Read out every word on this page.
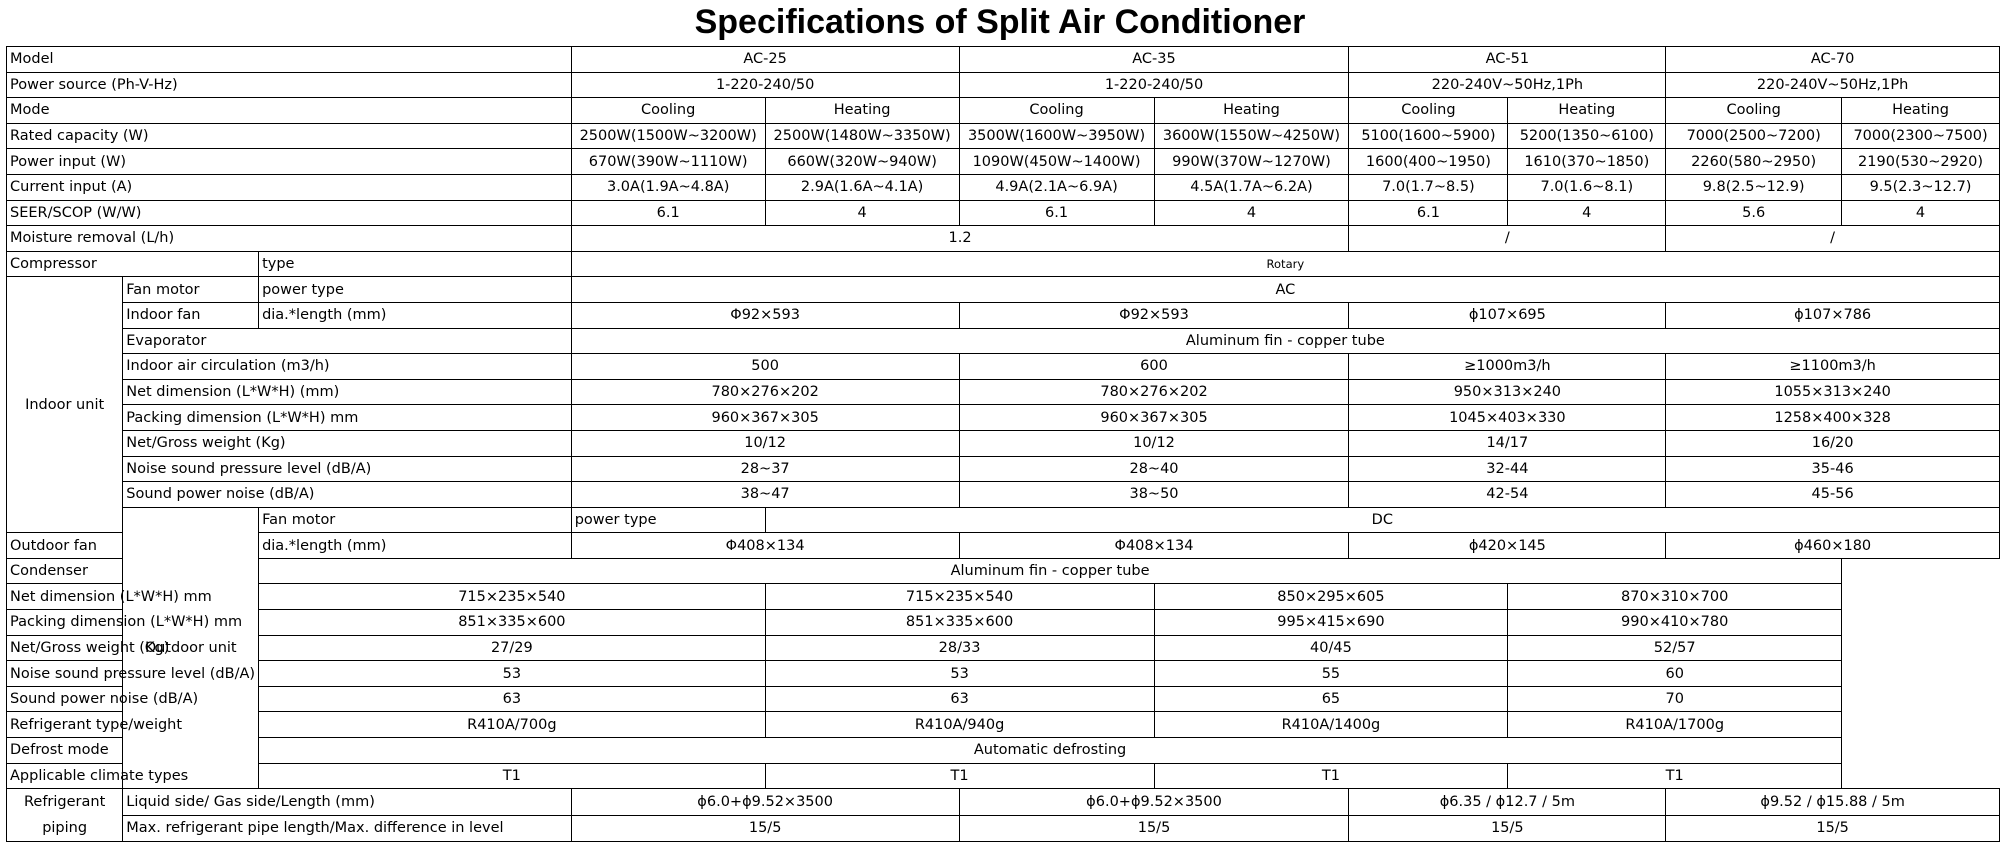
Specifications of Split Air Conditioner
Model			AC-25		AC-35		AC-51		AC-70	
Power source (Ph-V-Hz)			1-220-240/50		1-220-240/50		220-240V~50Hz,1Ph		220-240V~50Hz,1Ph	
Mode			Cooling	Heating	Cooling	Heating	Cooling	Heating	Cooling	Heating
Rated capacity (W)			2500W(1500W~3200W)	2500W(1480W~3350W)	3500W(1600W~3950W)	3600W(1550W~4250W)	5100(1600~5900)	5200(1350~6100)	7000(2500~7200)	7000(2300~7500)
Power input (W)			670W(390W~1110W)	660W(320W~940W)	1090W(450W~1400W)	990W(370W~1270W)	1600(400~1950)	1610(370~1850)	2260(580~2950)	2190(530~2920)
Current input (A)			3.0A(1.9A~4.8A)	2.9A(1.6A~4.1A)	4.9A(2.1A~6.9A)	4.5A(1.7A~6.2A)	7.0(1.7~8.5)	7.0(1.6~8.1)	9.8(2.5~12.9)	9.5(2.3~12.7)
SEER/SCOP (W/W)			6.1	4	6.1	4	6.1	4	5.6	4
Moisture removal (L/h)			1.2				/		/	
Compressor		type	Rotary							
Indoor unit	Fan motor	power type	AC							
	Indoor fan	dia.*length (mm)	Φ92×593		Φ92×593		ϕ107×695		ϕ107×786	
	Evaporator		Aluminum fin - copper tube							
	Indoor air circulation (m3/h)		500		600		≥1000m3/h		≥1100m3/h	
	Net dimension (L*W*H) (mm)		780×276×202		780×276×202		950×313×240		1055×313×240	
	Packing dimension (L*W*H) mm		960×367×305		960×367×305		1045×403×330		1258×400×328	
	Net/Gross weight (Kg)		10/12		10/12		14/17		16/20	
	Noise sound pressure level (dB/A)		28~37		28~40		32-44		35-46	
	Sound power noise (dB/A)		38~47		38~50		42-54		45-56	
	Outdoor unit	Fan motor	power type	DC						
Outdoor fan		dia.*length (mm)	Φ408×134		Φ408×134		ϕ420×145		ϕ460×180	
Condenser		Aluminum fin - copper tube								
Net dimension (L*W*H) mm		715×235×540		715×235×540		850×295×605		870×310×700		
Packing dimension (L*W*H) mm		851×335×600		851×335×600		995×415×690		990×410×780		
Net/Gross weight (Kg)		27/29		28/33		40/45		52/57		
Noise sound pressure level (dB/A)		53		53		55		60		
Sound power noise (dB/A)		63		63		65		70		
Refrigerant type/weight		R410A/700g		R410A/940g		R410A/1400g		R410A/1700g		
Defrost mode		Automatic defrosting								
Applicable climate types		T1		T1		T1		T1		
Refrigerant piping	Liquid side/ Gas side/Length (mm)		ϕ6.0+ϕ9.52×3500		ϕ6.0+ϕ9.52×3500		ϕ6.35 / ϕ12.7 / 5m		ϕ9.52 / ϕ15.88 / 5m	
	Max. refrigerant pipe length/Max. difference in level		15/5		15/5		15/5		15/5	
